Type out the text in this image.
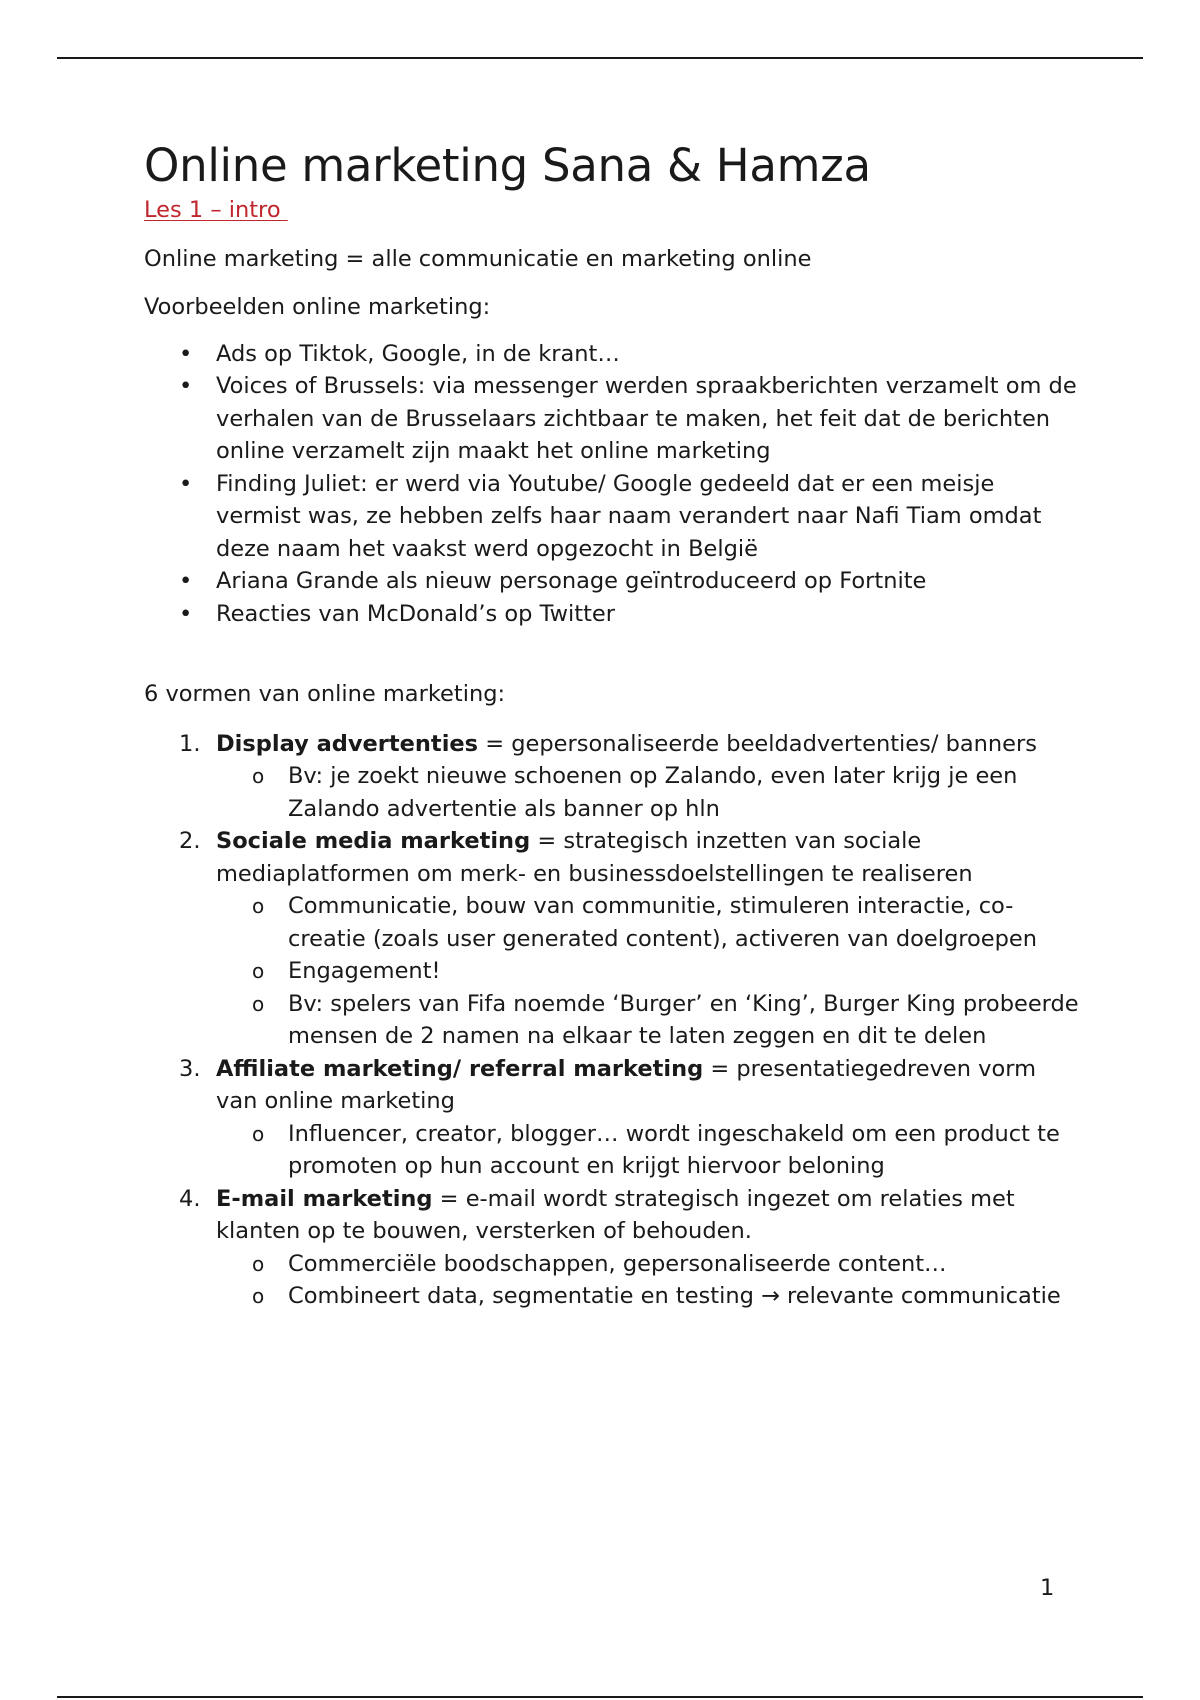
Online marketing Sana & Hamza
Les 1 – intro

Online marketing = alle communicatie en marketing online

Voorbeelden online marketing:

• Ads op Tiktok, Google, in de krant…
• Voices of Brussels: via messenger werden spraakberichten verzamelt om de verhalen van de Brusselaars zichtbaar te maken, het feit dat de berichten online verzamelt zijn maakt het online marketing
• Finding Juliet: er werd via Youtube/ Google gedeeld dat er een meisje vermist was, ze hebben zelfs haar naam verandert naar Nafi Tiam omdat deze naam het vaakst werd opgezocht in België
• Ariana Grande als nieuw personage geïntroduceerd op Fortnite
• Reacties van McDonald’s op Twitter

6 vormen van online marketing:

1. Display advertenties = gepersonaliseerde beeldadvertenties/ banners
o Bv: je zoekt nieuwe schoenen op Zalando, even later krijg je een Zalando advertentie als banner op hln
2. Sociale media marketing = strategisch inzetten van sociale mediaplatformen om merk- en businessdoelstellingen te realiseren
o Communicatie, bouw van communitie, stimuleren interactie, co-creatie (zoals user generated content), activeren van doelgroepen
o Engagement!
o Bv: spelers van Fifa noemde ‘Burger’ en ‘King’, Burger King probeerde mensen de 2 namen na elkaar te laten zeggen en dit te delen
3. Affiliate marketing/ referral marketing = presentatiegedreven vorm van online marketing
o Influencer, creator, blogger… wordt ingeschakeld om een product te promoten op hun account en krijgt hiervoor beloning
4. E-mail marketing = e-mail wordt strategisch ingezet om relaties met klanten op te bouwen, versterken of behouden.
o Commerciële boodschappen, gepersonaliseerde content…
o Combineert data, segmentatie en testing → relevante communicatie
1
